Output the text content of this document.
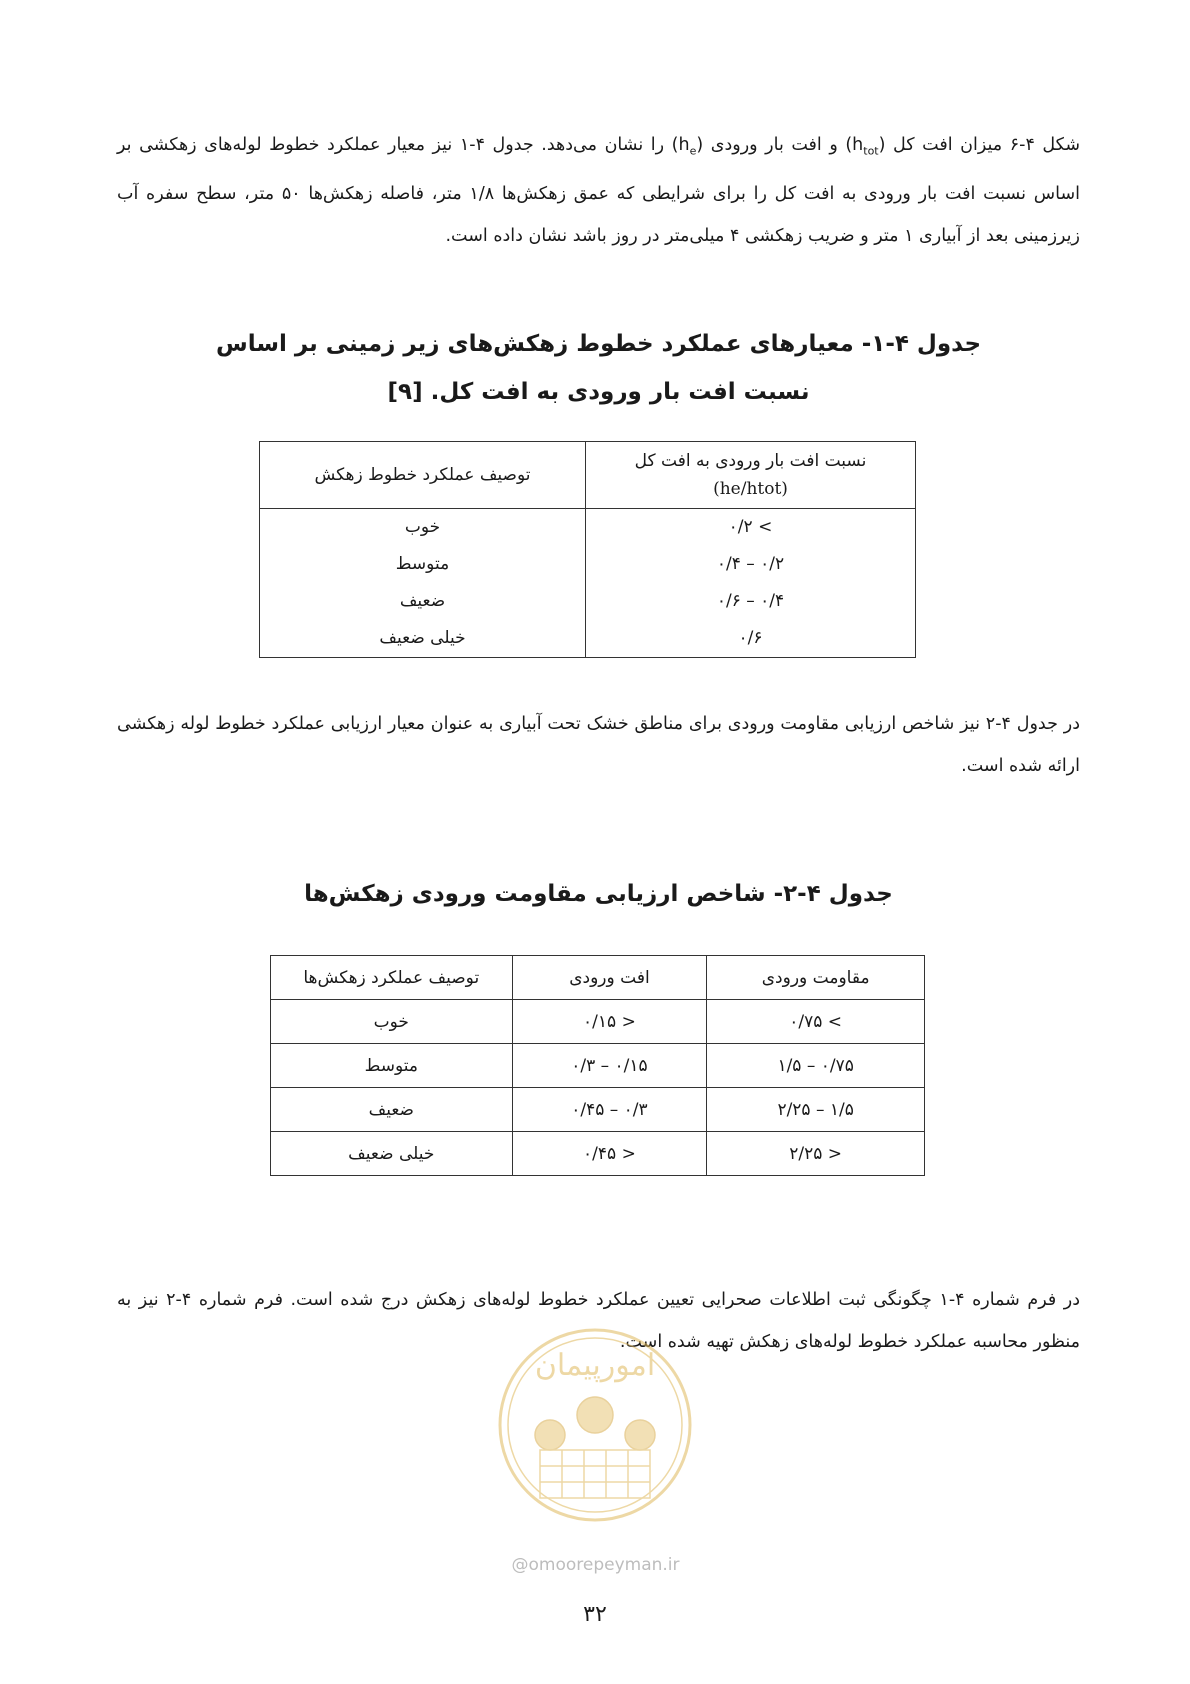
شکل ۴-۶ میزان افت کل $(h_{tot})$ و افت بار ورودی $(h_e)$ را نشان می‌دهد. جدول ۴-۱ نیز معیار عملکرد خطوط لوله‌های زهکشی بر اساس نسبت افت بار ورودی به افت کل را برای شرایطی که عمق زهکش‌ها ۱/۸ متر، فاصله زهکش‌ها ۵۰ متر، سطح سفره آب زیرزمینی بعد از آبیاری ۱ متر و ضریب زهکشی ۴ میلی‌متر در روز باشد نشان داده است.

جدول ۴-۱- معیارهای عملکرد خطوط زهکش‌های زیر زمینی بر اساس
نسبت افت بار ورودی به افت کل. [۹]
نسبت افت بار ورودی به افت کل
(he/htot)	توصیف عملکرد خطوط زهکش
> ۰/۲	خوب
۰/۲ – ۰/۴	متوسط
۰/۴ – ۰/۶	ضعیف
۰/۶	خیلی ضعیف

در جدول ۴-۲ نیز شاخص ارزیابی مقاومت ورودی برای مناطق خشک تحت آبیاری به عنوان معیار ارزیابی عملکرد خطوط لوله زهکشی ارائه شده است.

جدول ۴-۲- شاخص ارزیابی مقاومت ورودی زهکش‌ها
مقاومت ورودی	افت ورودی	توصیف عملکرد زهکش‌ها
> ۰/۷۵	< ۰/۱۵	خوب
۰/۷۵ – ۱/۵	۰/۱۵ – ۰/۳	متوسط
۱/۵ – ۲/۲۵	۰/۳ – ۰/۴۵	ضعیف
< ۲/۲۵	< ۰/۴۵	خیلی ضعیف

در فرم شماره ۴-۱ چگونگی ثبت اطلاعات صحرایی تعیین عملکرد خطوط لوله‌های زهکش درج شده است. فرم شماره ۴-۲ نیز به منظور محاسبه عملکرد خطوط لوله‌های زهکش تهیه شده است.

امورپیمان
@omoorepeyman.ir
۳۲
